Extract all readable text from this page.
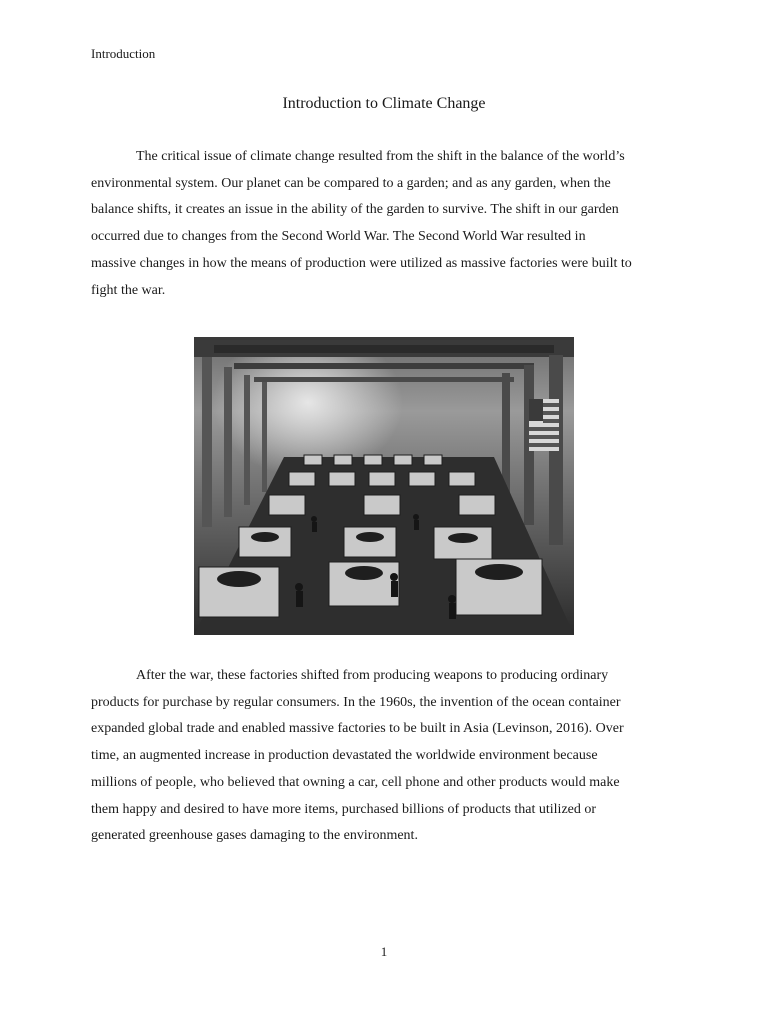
Introduction
Introduction to Climate Change

The critical issue of climate change resulted from the shift in the balance of the world’s
environmental system. Our planet can be compared to a garden; and as any garden, when the
balance shifts, it creates an issue in the ability of the garden to survive. The shift in our garden
occurred due to changes from the Second World War. The Second World War resulted in
massive changes in how the means of production were utilized as massive factories were built to
fight the war.

After the war, these factories shifted from producing weapons to producing ordinary
products for purchase by regular consumers. In the 1960s, the invention of the ocean container
expanded global trade and enabled massive factories to be built in Asia (Levinson, 2016). Over
time, an augmented increase in production devastated the worldwide environment because
millions of people, who believed that owning a car, cell phone and other products would make
them happy and desired to have more items, purchased billions of products that utilized or
generated greenhouse gases damaging to the environment.

1
